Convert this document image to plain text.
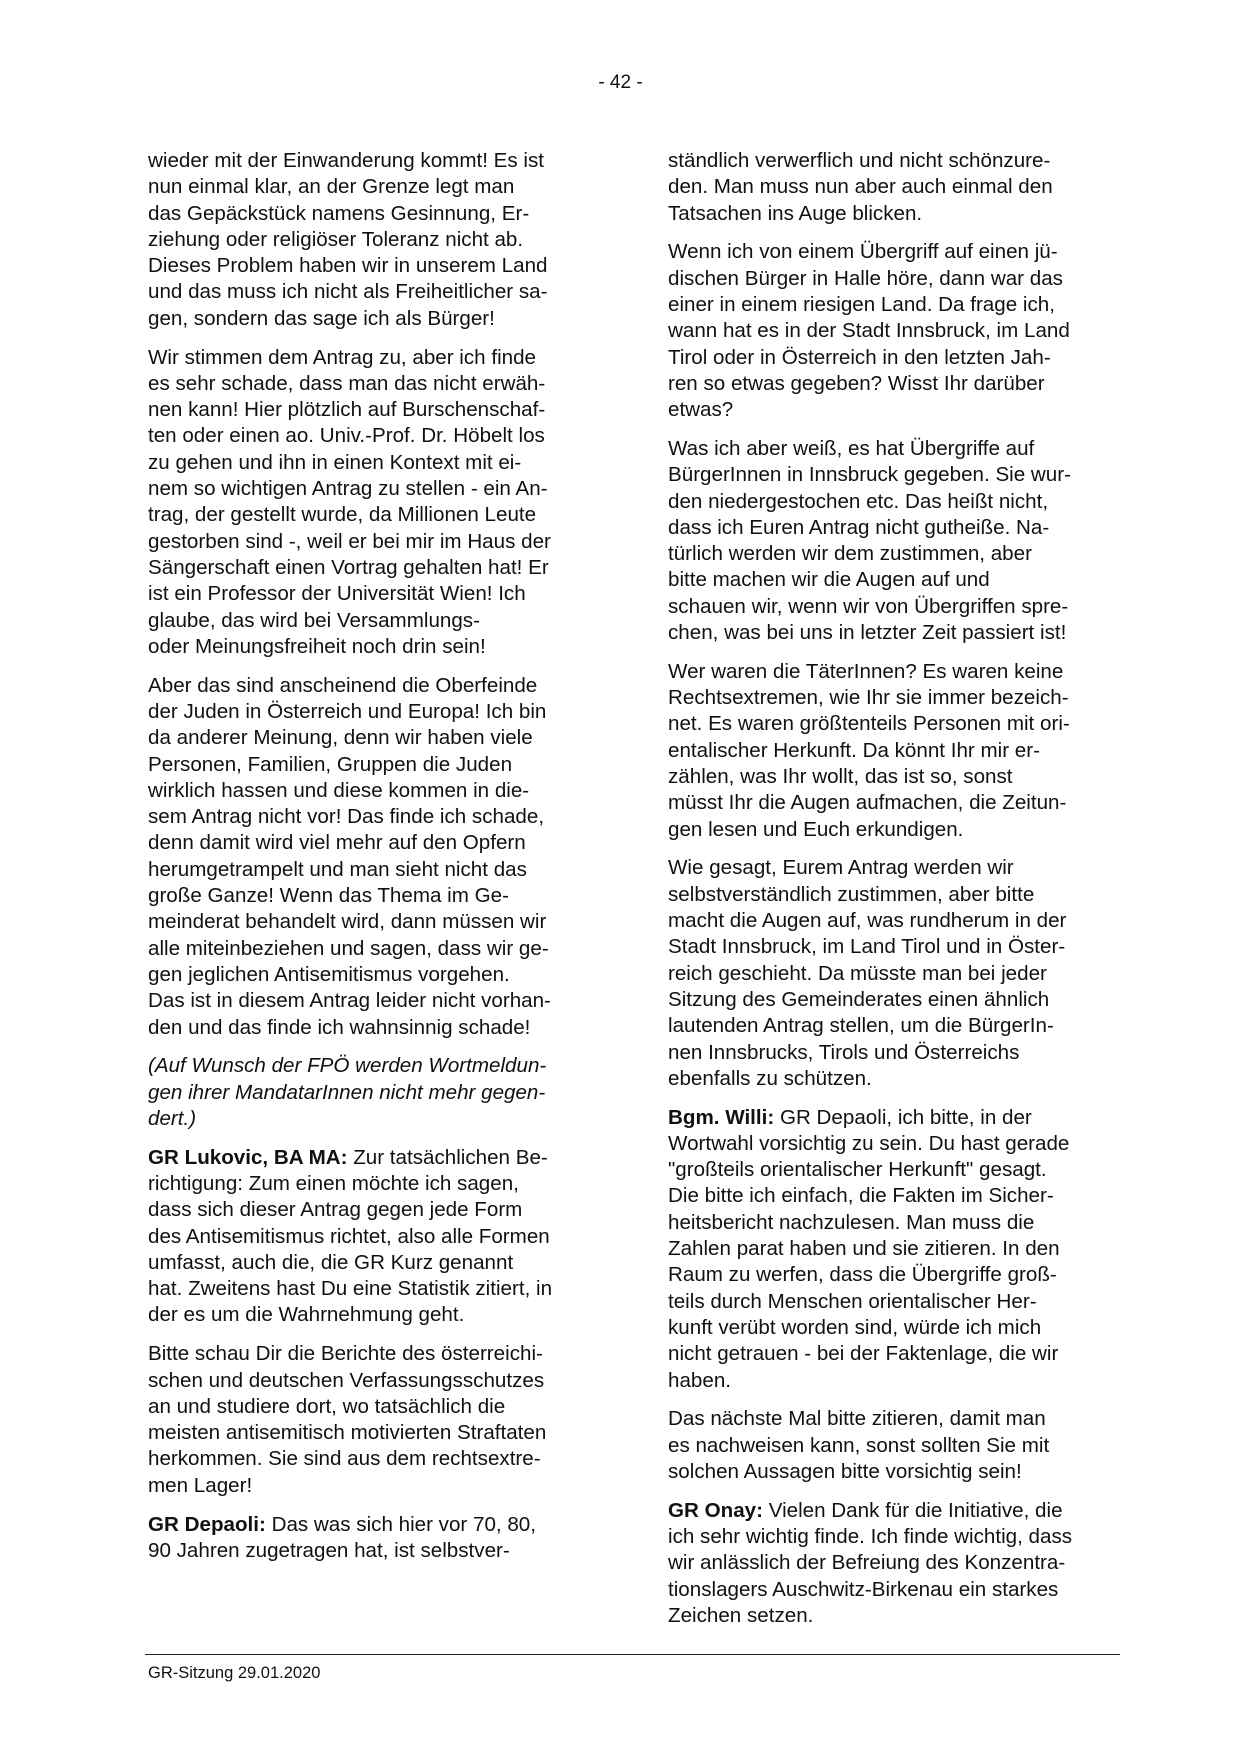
- 42 -

wieder mit der Einwanderung kommt! Es ist
nun einmal klar, an der Grenze legt man
das Gepäckstück namens Gesinnung, Er-
ziehung oder religiöser Toleranz nicht ab.
Dieses Problem haben wir in unserem Land
und das muss ich nicht als Freiheitlicher sa-
gen, sondern das sage ich als Bürger!

Wir stimmen dem Antrag zu, aber ich finde
es sehr schade, dass man das nicht erwäh-
nen kann! Hier plötzlich auf Burschenschaf-
ten oder einen ao. Univ.-Prof. Dr. Höbelt los
zu gehen und ihn in einen Kontext mit ei-
nem so wichtigen Antrag zu stellen - ein An-
trag, der gestellt wurde, da Millionen Leute
gestorben sind -, weil er bei mir im Haus der
Sängerschaft einen Vortrag gehalten hat! Er
ist ein Professor der Universität Wien! Ich
glaube, das wird bei Versammlungs-
oder Meinungsfreiheit noch drin sein!

Aber das sind anscheinend die Oberfeinde
der Juden in Österreich und Europa! Ich bin
da anderer Meinung, denn wir haben viele
Personen, Familien, Gruppen die Juden
wirklich hassen und diese kommen in die-
sem Antrag nicht vor! Das finde ich schade,
denn damit wird viel mehr auf den Opfern
herumgetrampelt und man sieht nicht das
große Ganze! Wenn das Thema im Ge-
meinderat behandelt wird, dann müssen wir
alle miteinbeziehen und sagen, dass wir ge-
gen jeglichen Antisemitismus vorgehen.
Das ist in diesem Antrag leider nicht vorhan-
den und das finde ich wahnsinnig schade!

(Auf Wunsch der FPÖ werden Wortmeldun-
gen ihrer MandatarInnen nicht mehr gegen-
dert.)

GR Lukovic, BA MA: Zur tatsächlichen Be-
richtigung: Zum einen möchte ich sagen,
dass sich dieser Antrag gegen jede Form
des Antisemitismus richtet, also alle Formen
umfasst, auch die, die GR Kurz genannt
hat. Zweitens hast Du eine Statistik zitiert, in
der es um die Wahrnehmung geht.

Bitte schau Dir die Berichte des österreichi-
schen und deutschen Verfassungsschutzes
an und studiere dort, wo tatsächlich die
meisten antisemitisch motivierten Straftaten
herkommen. Sie sind aus dem rechtsextre-
men Lager!

GR Depaoli: Das was sich hier vor 70, 80,
90 Jahren zugetragen hat, ist selbstver-

ständlich verwerflich und nicht schönzure-
den. Man muss nun aber auch einmal den
Tatsachen ins Auge blicken.

Wenn ich von einem Übergriff auf einen jü-
dischen Bürger in Halle höre, dann war das
einer in einem riesigen Land. Da frage ich,
wann hat es in der Stadt Innsbruck, im Land
Tirol oder in Österreich in den letzten Jah-
ren so etwas gegeben? Wisst Ihr darüber
etwas?

Was ich aber weiß, es hat Übergriffe auf
BürgerInnen in Innsbruck gegeben. Sie wur-
den niedergestochen etc. Das heißt nicht,
dass ich Euren Antrag nicht gutheiße. Na-
türlich werden wir dem zustimmen, aber
bitte machen wir die Augen auf und
schauen wir, wenn wir von Übergriffen spre-
chen, was bei uns in letzter Zeit passiert ist!

Wer waren die TäterInnen? Es waren keine
Rechtsextremen, wie Ihr sie immer bezeich-
net. Es waren größtenteils Personen mit ori-
entalischer Herkunft. Da könnt Ihr mir er-
zählen, was Ihr wollt, das ist so, sonst
müsst Ihr die Augen aufmachen, die Zeitun-
gen lesen und Euch erkundigen.

Wie gesagt, Eurem Antrag werden wir
selbstverständlich zustimmen, aber bitte
macht die Augen auf, was rundherum in der
Stadt Innsbruck, im Land Tirol und in Öster-
reich geschieht. Da müsste man bei jeder
Sitzung des Gemeinderates einen ähnlich
lautenden Antrag stellen, um die BürgerIn-
nen Innsbrucks, Tirols und Österreichs
ebenfalls zu schützen.

Bgm. Willi: GR Depaoli, ich bitte, in der
Wortwahl vorsichtig zu sein. Du hast gerade
"großteils orientalischer Herkunft" gesagt.
Die bitte ich einfach, die Fakten im Sicher-
heitsbericht nachzulesen. Man muss die
Zahlen parat haben und sie zitieren. In den
Raum zu werfen, dass die Übergriffe groß-
teils durch Menschen orientalischer Her-
kunft verübt worden sind, würde ich mich
nicht getrauen - bei der Faktenlage, die wir
haben.

Das nächste Mal bitte zitieren, damit man
es nachweisen kann, sonst sollten Sie mit
solchen Aussagen bitte vorsichtig sein!

GR Onay: Vielen Dank für die Initiative, die
ich sehr wichtig finde. Ich finde wichtig, dass
wir anlässlich der Befreiung des Konzentra-
tionslagers Auschwitz-Birkenau ein starkes
Zeichen setzen.

GR-Sitzung 29.01.2020
